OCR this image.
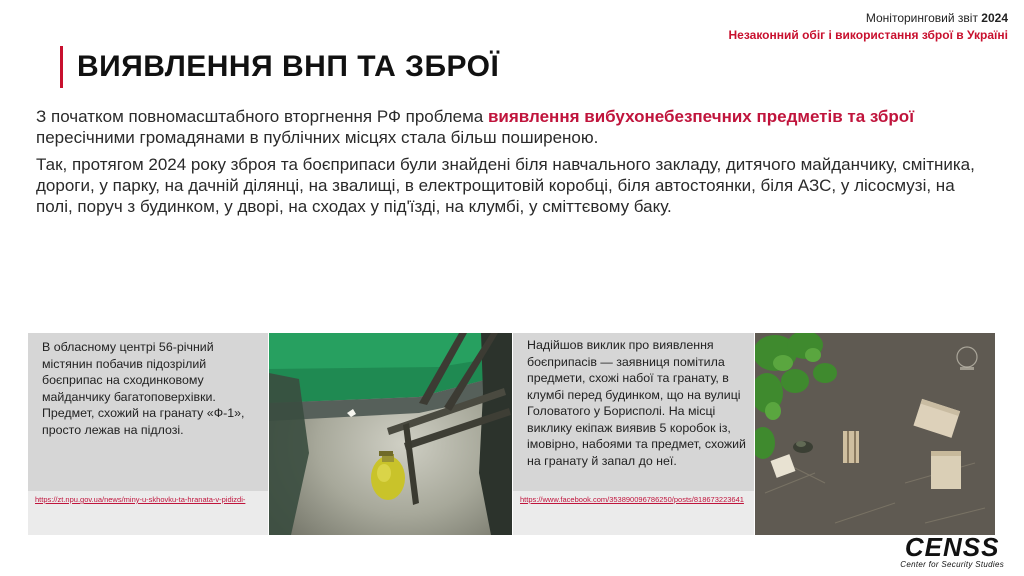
Моніторинговий звіт 2024
Незаконний обіг і використання зброї в Україні
ВИЯВЛЕННЯ ВНП ТА ЗБРОЇ
З початком повномасштабного вторгнення РФ проблема виявлення вибухонебезпечних предметів та зброї пересічними громадянами в публічних місцях стала більш поширеною.
Так, протягом 2024 року зброя та боєприпаси були знайдені біля навчального закладу, дитячого майданчику, смітника, дороги, у парку, на дачній ділянці, на звалищі, в електрощитовій коробці, біля автостоянки, біля АЗС, у лісосмузі, на полі, поруч з будинком, у дворі, на сходах у під'їзді, на клумбі, у сміттєвому баку.
В обласному центрі 56-річний містянин побачив підозрілий боєприпас на сходинковому майданчику багатоповерхівки. Предмет, схожий на гранату «Ф-1», просто лежав на підлозі.
https://zt.npu.gov.ua/news/miny-u-skhovku-ta-hranata-v-pidizdi-
Надійшов виклик про виявлення боєприпасів — заявниця помітила предмети, схожі набої та гранату, в клумбі перед будинком, що на вулиці Головатого у Борисполі. На місці виклику екіпаж виявив 5 коробок із, імовірно, набоями та предмет, схожий на гранату й запал до неї.
https://www.facebook.com/353890096786250/posts/818673223641
CENSS
Center for Security Studies
